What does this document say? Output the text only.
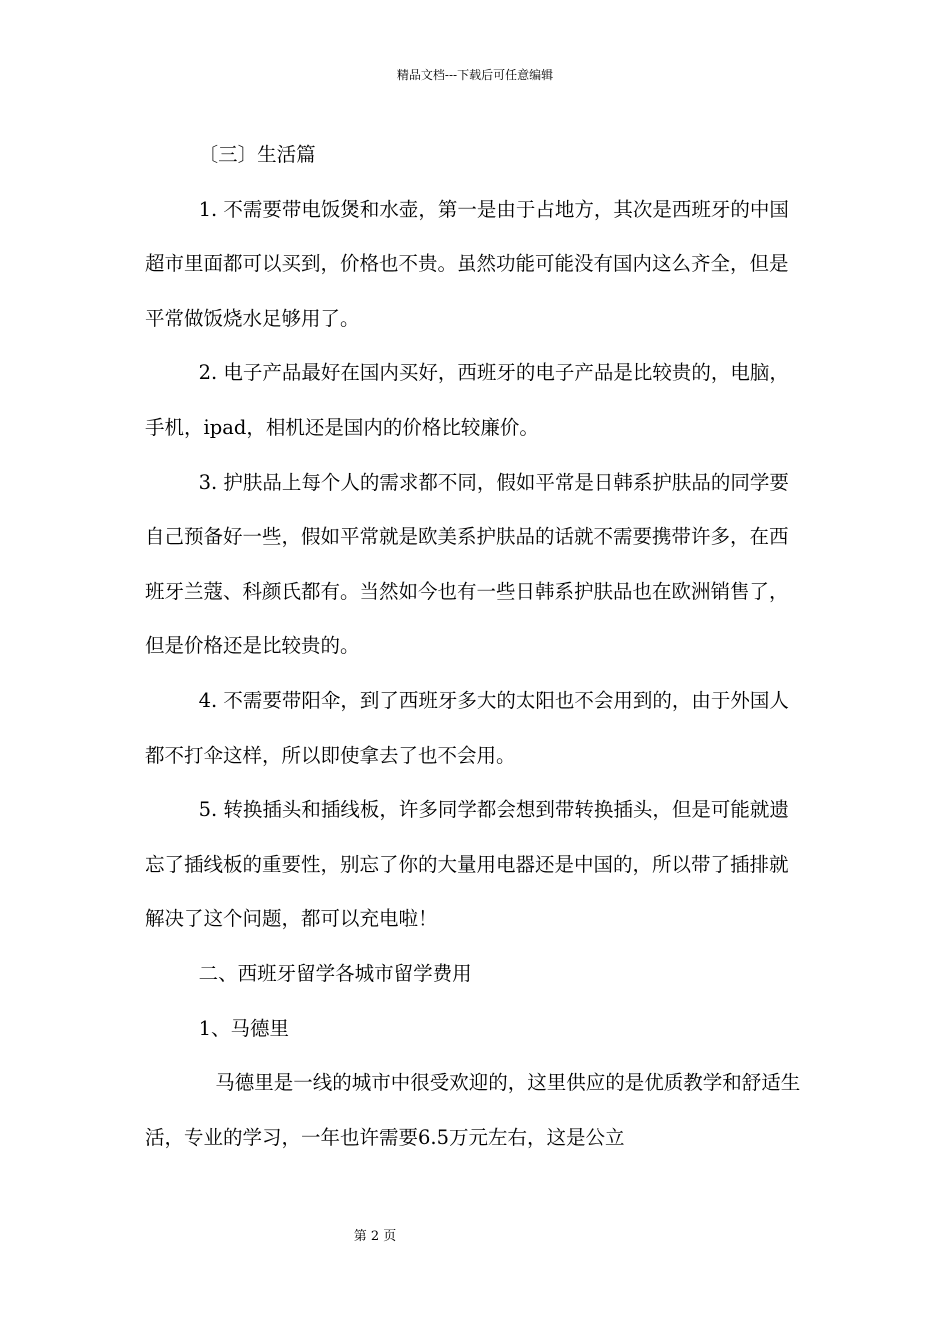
精品文档---下载后可任意编辑

〔三〕生活篇

1. 不需要带电饭煲和水壶，第一是由于占地方，其次是西班牙的中国超市里面都可以买到，价格也不贵。虽然功能可能没有国内这么齐全，但是平常做饭烧水足够用了。

2. 电子产品最好在国内买好，西班牙的电子产品是比较贵的，电脑，手机，ipad，相机还是国内的价格比较廉价。

3. 护肤品上每个人的需求都不同，假如平常是日韩系护肤品的同学要自己预备好一些，假如平常就是欧美系护肤品的话就不需要携带许多，在西班牙兰蔻、科颜氏都有。当然如今也有一些日韩系护肤品也在欧洲销售了，但是价格还是比较贵的。

4. 不需要带阳伞，到了西班牙多大的太阳也不会用到的，由于外国人都不打伞这样，所以即使拿去了也不会用。

5. 转换插头和插线板，许多同学都会想到带转换插头，但是可能就遗忘了插线板的重要性，别忘了你的大量用电器还是中国的，所以带了插排就解决了这个问题，都可以充电啦！

二、西班牙留学各城市留学费用

1、马德里

马德里是一线的城市中很受欢迎的，这里供应的是优质教学和舒适生活，专业的学习，一年也许需要6.5万元左右，这是公立

第 2 页
